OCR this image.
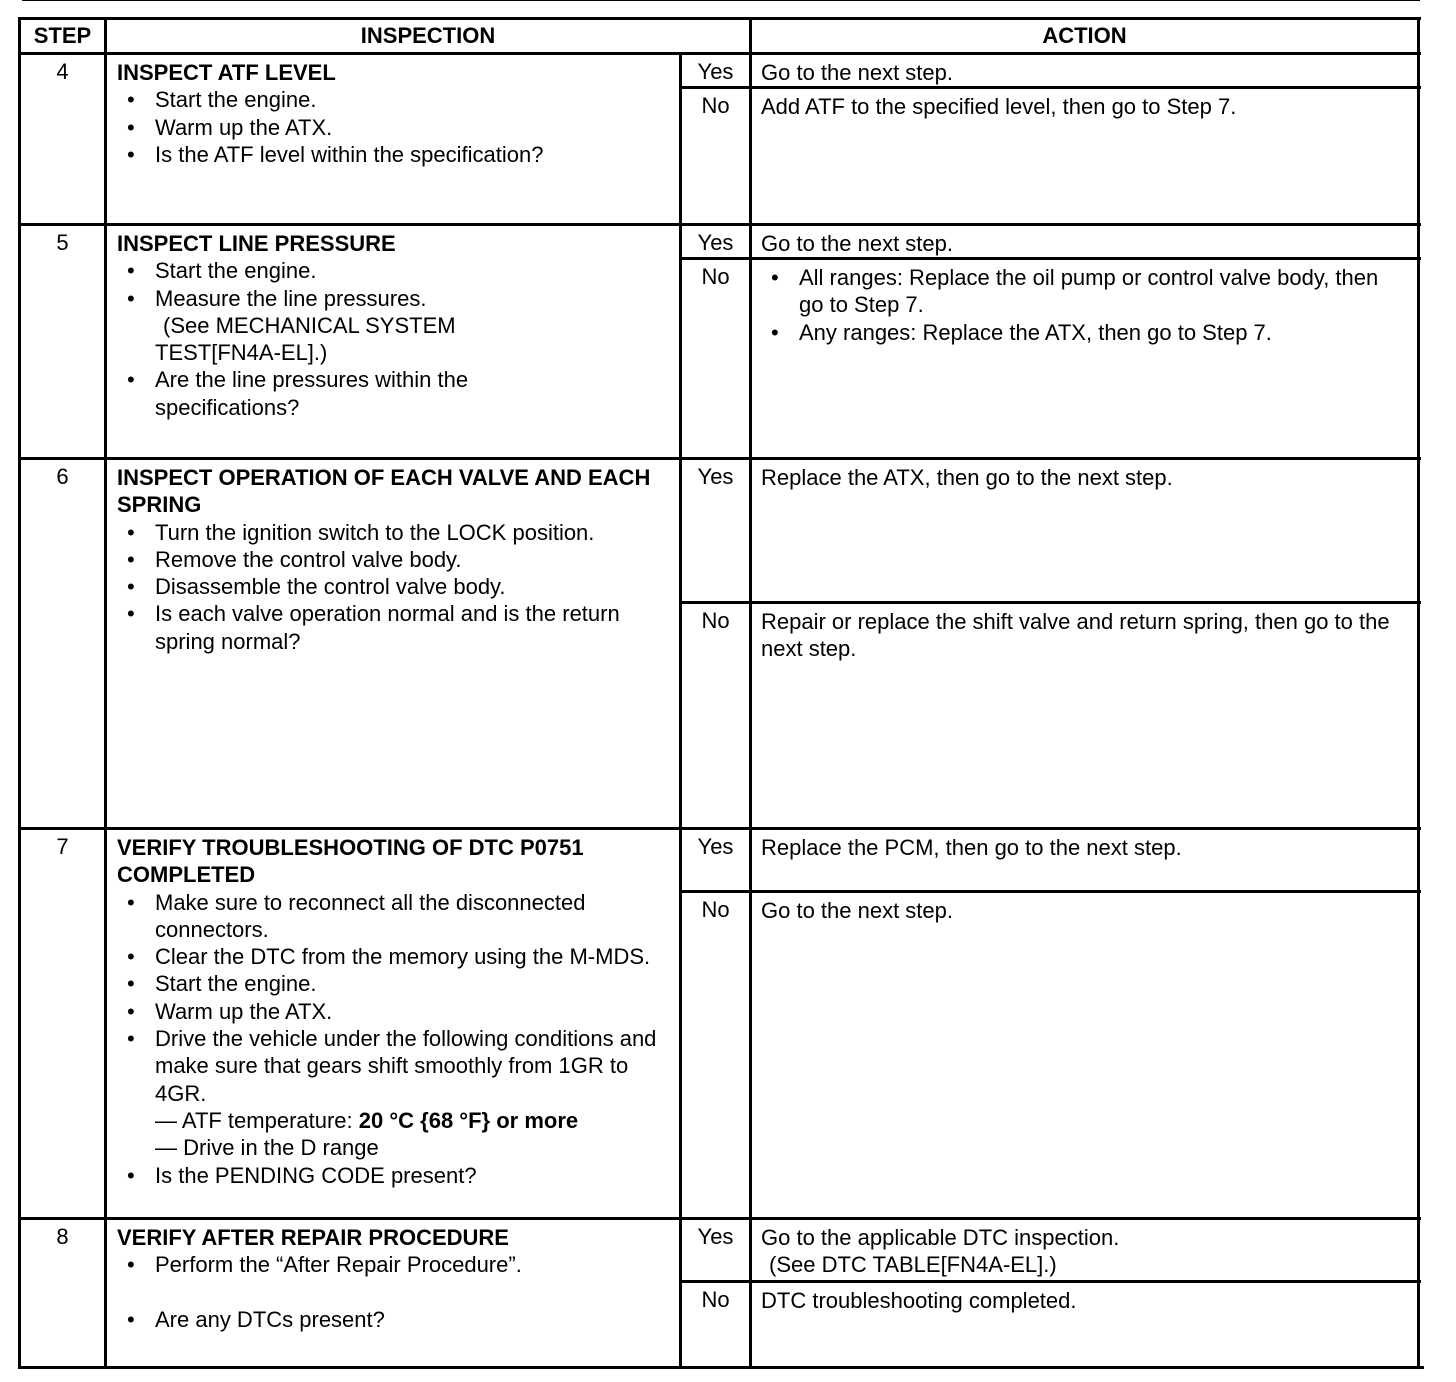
STEP	INSPECTION	ACTION
4	INSPECT ATF LEVEL
• Start the engine.
• Warm up the ATX.
• Is the ATF level within the specification?
Yes	Go to the next step.
No	Add ATF to the specified level, then go to Step 7.
5	INSPECT LINE PRESSURE
• Start the engine.
• Measure the line pressures.
(See MECHANICAL SYSTEM
TEST[FN4A-EL].)
• Are the line pressures within the specifications?
Yes	Go to the next step.
No
•	All ranges: Replace the oil pump or control valve body, then go to Step 7.
• Any ranges: Replace the ATX, then go to Step 7.
6	INSPECT OPERATION OF EACH VALVE AND EACH SPRING
• Turn the ignition switch to the LOCK position.
• Remove the control valve body.
• Disassemble the control valve body.
• Is each valve operation normal and is the return spring normal?
Yes	Replace the ATX, then go to the next step.
No	Repair or replace the shift valve and return spring, then go to the next step.
7	VERIFY TROUBLESHOOTING OF DTC P0751 COMPLETED
• Make sure to reconnect all the disconnected connectors.
• Clear the DTC from the memory using the M-MDS.
• Start the engine.
• Warm up the ATX.
• Drive the vehicle under the following conditions and make sure that gears shift smoothly from 1GR to 4GR.
— ATF temperature: 20 °C {68 °F} or more
— Drive in the D range
• Is the PENDING CODE present?
Yes	Replace the PCM, then go to the next step.
No	Go to the next step.
8	VERIFY AFTER REPAIR PROCEDURE
• Perform the “After Repair Procedure”.
• Are any DTCs present?
Yes	Go to the applicable DTC inspection.
(See DTC TABLE[FN4A-EL].)
No	DTC troubleshooting completed.
